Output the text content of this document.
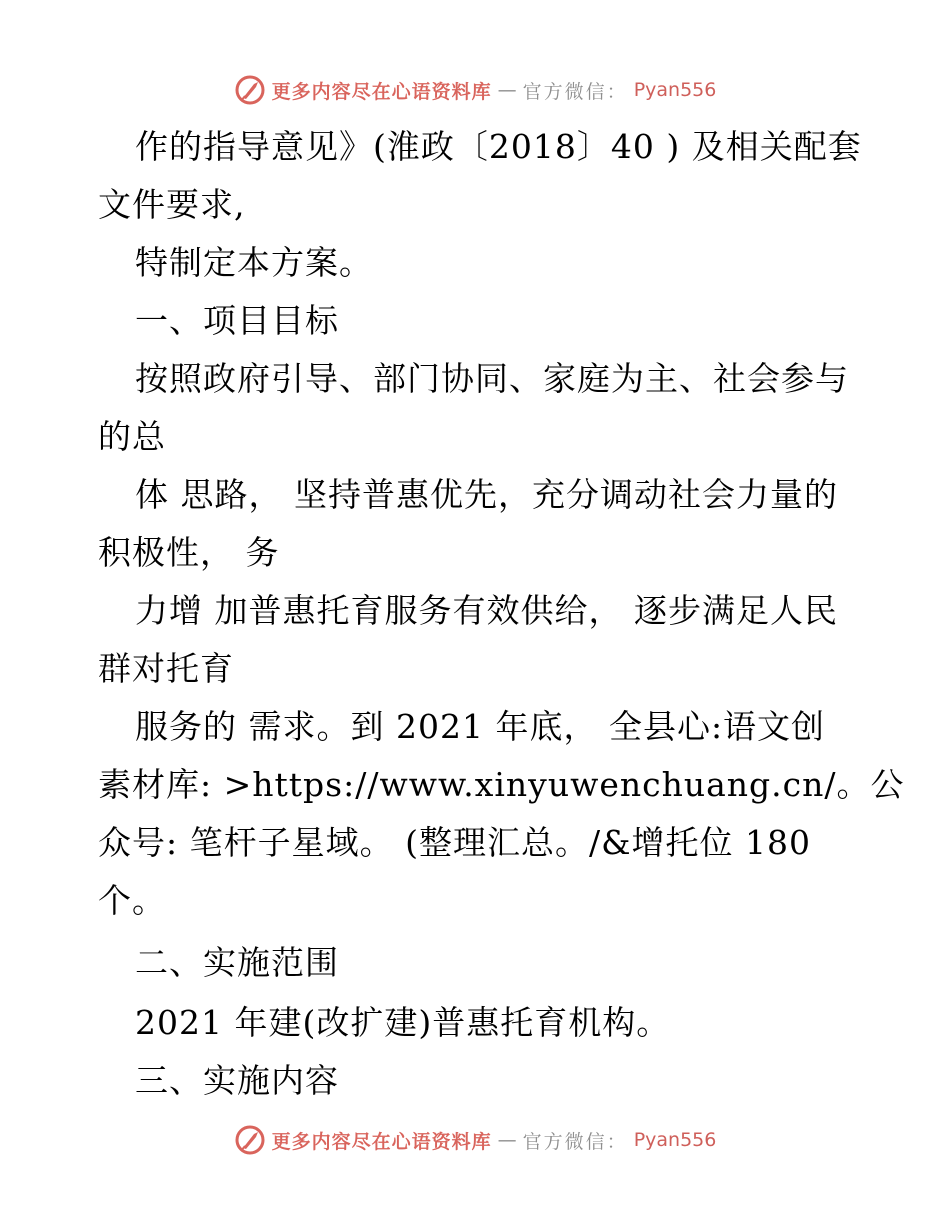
更多内容尽在心语资料库 — 官方微信： Pyan556
作的指导意见》(淮政〔2018〕40 ) 及相关配套
文件要求,
特制定本方案。
一、项目目标
按照政府引导、部门协同、家庭为主、社会参与
的总
体 思路， 坚持普惠优先，充分调动社会力量的
积极性， 务
力增 加普惠托育服务有效供给， 逐步满足人民
群对托育
服务的 需求。到 2021 年底， 全县心:语文创
素材库: >https://www.xinyuwenchuang.cn/。公
众号: 笔杆子星域。 (整理汇总。/&增托位 180
个。
二、实施范围
2021 年建(改扩建)普惠托育机构。
三、实施内容
更多内容尽在心语资料库 — 官方微信： Pyan556
